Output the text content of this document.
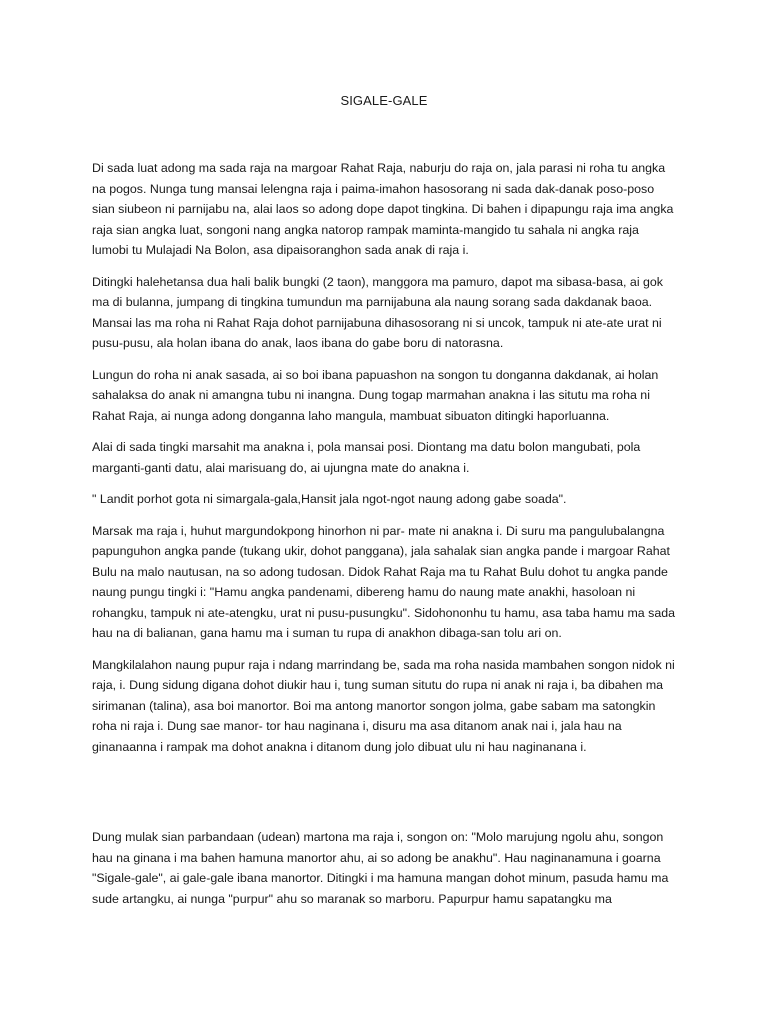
SIGALE-GALE

Di sada luat adong ma sada raja na margoar Rahat Raja, naburju do raja on, jala parasi ni roha tu angka na pogos. Nunga tung mansai lelengna raja i paima-imahon hasosorang ni sada dak-danak poso-poso sian siubeon ni parnijabu na, alai laos so adong dope dapot tingkina. Di bahen i dipapungu raja ima angka raja sian angka luat, songoni nang angka natorop rampak maminta-mangido tu sahala ni angka raja lumobi tu Mulajadi Na Bolon, asa dipaisoranghon sada anak di raja i.

Ditingki halehetansa dua hali balik bungki (2 taon), manggora ma pamuro, dapot ma sibasa-basa, ai gok ma di bulanna, jumpang di tingkina tumundun ma parnijabuna ala naung sorang sada dakdanak baoa. Mansai las ma roha ni Rahat Raja dohot parnijabuna dihasosorang ni si uncok, tampuk ni ate-ate urat ni pusu-pusu, ala holan ibana do anak, laos ibana do gabe boru di natorasna.

Lungun do roha ni anak sasada, ai so boi ibana papuashon na songon tu donganna dakdanak, ai holan sahalaksa do anak ni amangna tubu ni inangna. Dung togap marmahan anakna i las situtu ma roha ni Rahat Raja, ai nunga adong donganna laho mangula, mambuat sibuaton ditingki haporluanna.

Alai di sada tingki marsahit ma anakna i, pola mansai posi. Diontang ma datu bolon mangubati, pola marganti-ganti datu, alai marisuang do, ai ujungna mate do anakna i.

" Landit porhot gota ni simargala-gala,Hansit jala ngot-ngot naung adong gabe soada".

Marsak ma raja i, huhut margundokpong hinorhon ni par- mate ni anakna i. Di suru ma pangulubalangna papunguhon angka pande (tukang ukir, dohot panggana), jala sahalak sian angka pande i margoar Rahat Bulu na malo nautusan, na so adong tudosan. Didok Rahat Raja ma tu Rahat Bulu dohot tu angka pande naung pungu tingki i: "Hamu angka pandenami, dibereng hamu do naung mate anakhi, hasoloan ni rohangku, tampuk ni ate-atengku, urat ni pusu-pusungku". Sidohononhu tu hamu, asa taba hamu ma sada hau na di balianan, gana hamu ma i suman tu rupa di anakhon dibaga-san tolu ari on.

Mangkilalahon naung pupur raja i ndang marrindang be, sada ma roha nasida mambahen songon nidok ni raja, i. Dung sidung digana dohot diukir hau i, tung suman situtu do rupa ni anak ni raja i, ba dibahen ma sirimanan (talina), asa boi manortor. Boi ma antong manortor songon jolma, gabe sabam ma satongkin roha ni raja i. Dung sae manor- tor hau naginana i, disuru ma asa ditanom anak nai i, jala hau na ginanaanna i rampak ma dohot anakna i ditanom dung jolo dibuat ulu ni hau naginanana i.

Dung mulak sian parbandaan (udean) martona ma raja i, songon on: "Molo marujung ngolu ahu, songon hau na ginana i ma bahen hamuna manortor ahu, ai so adong be anakhu". Hau naginanamuna i goarna "Sigale-gale", ai gale-gale ibana manortor. Ditingki i ma hamuna mangan dohot minum, pasuda hamu ma sude artangku, ai nunga "purpur" ahu so maranak so marboru. Papurpur hamu sapatangku ma
